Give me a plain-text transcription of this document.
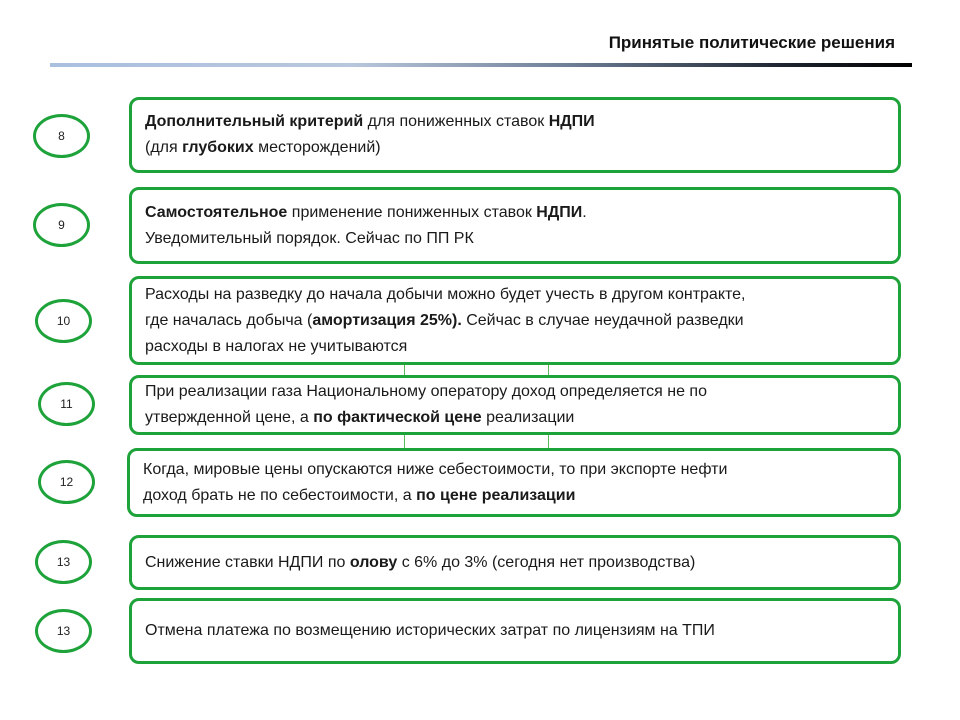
Принятые политические решения
8
9
10
11
12
13
13

Дополнительный критерий для пониженных ставок НДПИ

(для глубоких месторождений)

Самостоятельное применение пониженных ставок НДПИ.

Уведомительный порядок. Сейчас по ПП РК

Расходы на разведку до начала добычи можно будет учесть в другом контракте,

где началась добыча (амортизация 25%). Сейчас в случае неудачной разведки

расходы в налогах не учитываются

При реализации газа Национальному оператору доход определяется не по

утвержденной цене, а по фактической цене реализации

Когда, мировые цены опускаются ниже себестоимости, то при экспорте нефти

доход брать не по себестоимости, а по цене реализации

Снижение ставки НДПИ по олову с 6% до 3% (сегодня нет производства)

Отмена платежа по возмещению исторических затрат по лицензиям на ТПИ
